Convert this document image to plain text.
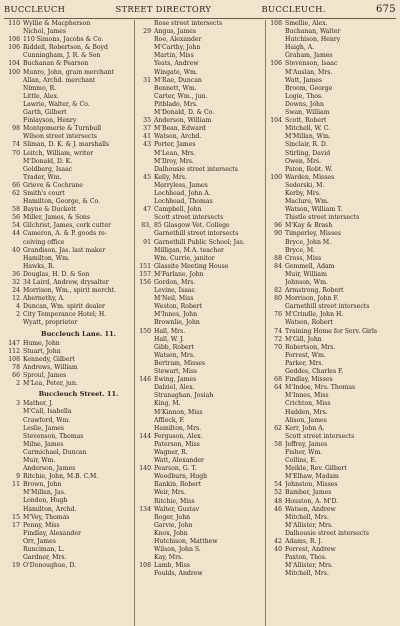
BUCCLEUCH	STREET DIRECTORY	BUCCLEUCH.	675
110 Wyllie & Macpherson
Nichol, James
108 110 Simons, Jacobs & Co.
106 Riddell, Robertson, & Boyd
Cunningham, J. R. & Son
104 Buchanan & Pearson
100 Munro, John, grain merchant
Allan, Archd. merchant
Nimmo, R.
Little, Alex.
Lawrie, Walter, & Co.
Garth, Gilbert
Finlayson, Henry
98 Montgomerie & Turnbull
Wilson street intersects
74 Sliman, D. K. & J. marshalls
70 Leitch, William, writer
M'Donald, D. K.
Goldberg, Isaac
Trader, Wm.
66 Grieve & Cochrane
62 Smith's court
Hamilton, George, & Co.
58 Bayne & Duckett
56 Miller, James, & Sons
54 Gilchrist, James, cork cutter
44 Cameron, A. & P. goods re-
ceiving office
40 Grandison, Jas. last maker
Hamilton, Wm.
Hawks, R.
36 Douglas, H. D. & Son
32 34 Laird, Andrew, drysalter
24 Morrison, Wm., spirit mercht.
12 Abernethy, A.
4 Duncan, Wm. spirit dealer
2 City Temperance Hotel; H.
Wyatt, proprietor
Buccleuch Lane. 11.
147 Hume, John
112 Stuart, John
108 Kennedy, Gilbert
78 Andrews, William
66 Sproul, James
2 M'Lea, Peter, jun.
Buccleuch Street. 11.
3 Mather, J.
M'Call, Isabella
Crawford, Wm.
Leslie, James
Stevenson, Thomas
Milne, James
Carmichael, Duncan
Muir, Wm.
Anderson, James
9 Ritchie, John, M.B. C.M.
11 Brown, John
M'Millan, Jas.
London, Hugh
Hamilton, Archd.
15 M'Vey, Thomas
17 Penny, Miss
Findlay, Alexander
Orr, James
Runciman, L.
Gardner, Mrs.
19 O'Donoughue, D.
Rose street intersects
29 Angus, James
Roe, Alexander
M'Carthy, John
Martin, Miss
Yeats, Andrew
Wingate, Wm.
31 M'Rae, Duncan
Bennett, Wm.
Carter, Wm., jun.
Pitblado, Mrs.
M'Donald, D. & Co.
35 Anderson, William
37 M'Bean, Edward
41 Watson, Archd.
43 Porter, James
M'Lean, Mrs.
M'Ilroy, Mrs.
Dalhousie street intersects
45 Kelly, Mrs.
Merryless, James
Lochhead, John A.
Lochhead, Thomas
47 Campbell, John
Scott street intersects
83, 85 Glasgow Vet. College
Garnethill street intersects
91 Garnethill Public School; Jas.
Milligan, M.A. teacher
Wm. Currie, janitor
151 Glassite Meeting House
157 M'Farlane, John
156 Gordon, Mrs.
Levine, Isaac
M'Neil, Miss
Weston, Robert
M'Innes, John
Brownlie, John
150 Hall, Mrs.
Hall, W. J.
Gibb, Robert
Watson, Mrs.
Bertram, Misses
Stewart, Miss
146 Ewing, James
Dalziel, Alex.
Stranaghan, Josiah
King, M.
M'Kinnon, Miss
Affleck, F.
Hamilton, Mrs.
144 Ferguson, Alex.
Paterson, Miss
Wagner, R.
Watt, Alexander
140 Pearson, G. T.
Woodburn, Hugh
Rankin, Robert
Weir, Mrs.
Ritchie, Miss
134 Walter, Gustav
Roger, John
Garvie, John
Knox, John
Hutchison, Matthew
Wilson, John S.
Kay, Mrs.
108 Lamb, Miss
Foulds, Andrew
108 Smellie, Alex.
Buchanan, Walter
Hutchison, Henry
Haigh, A.
Graham, James
106 Stevenson, Isaac
M'Auslan, Mrs.
Watt, James
Broom, George
Logie, Thos.
Downs, John
Swan, William
104 Scott, Robert
Mitchell, W. C.
M'Millan, Wm.
Sinclair, R. D.
Stirling, David
Owen, Mrs.
Paton, Robt. W.
100 Warden, Misses
Sedorski, M.
Kerby, Mrs.
Maclure, Wm.
Watson, William T.
Thistle street intersects
96 M'Kay & Brash
90 Timperley, Misses
Bryce, John M.
Bryce, M.
88 Cross, Miss
84 Gemmell, Adam
Muir, William
Johnson, Wm.
82 Armstrong, Robert
80 Morrison, John F.
Garnethill street intersects
76 M'Crindle, John H.
Watson, Robert
74 Training Home for Serv. Girls
72 M'Gill, John
70 Robertson, Mrs.
Forrest, Wm.
Parker, Mrs.
Geddes, Charles F.
68 Findlay, Misses
64 M'Indoe, Mrs. Thomas
M'Innes, Miss
Crichton, Miss
Hadden, Mrs.
Alison, James
62 Kerr, John A.
Scott street intersects
58 Jeffrey, James
Fisher, Wm.
Collins, E.
Meikle, Rev. Gilbert
M'Elhaw, Madam
54 Johnston, Misses
52 Bamber, James
48 Houston, A. M'D.
46 Watson, Andrew
Mitchell, Mrs.
M'Allister, Mrs.
Dalhousie street intersects
42 Adams, R. J.
40 Forrest, Andrew
Paxton, Thos.
M'Allister, Mrs.
Mitchell, Mrs.
